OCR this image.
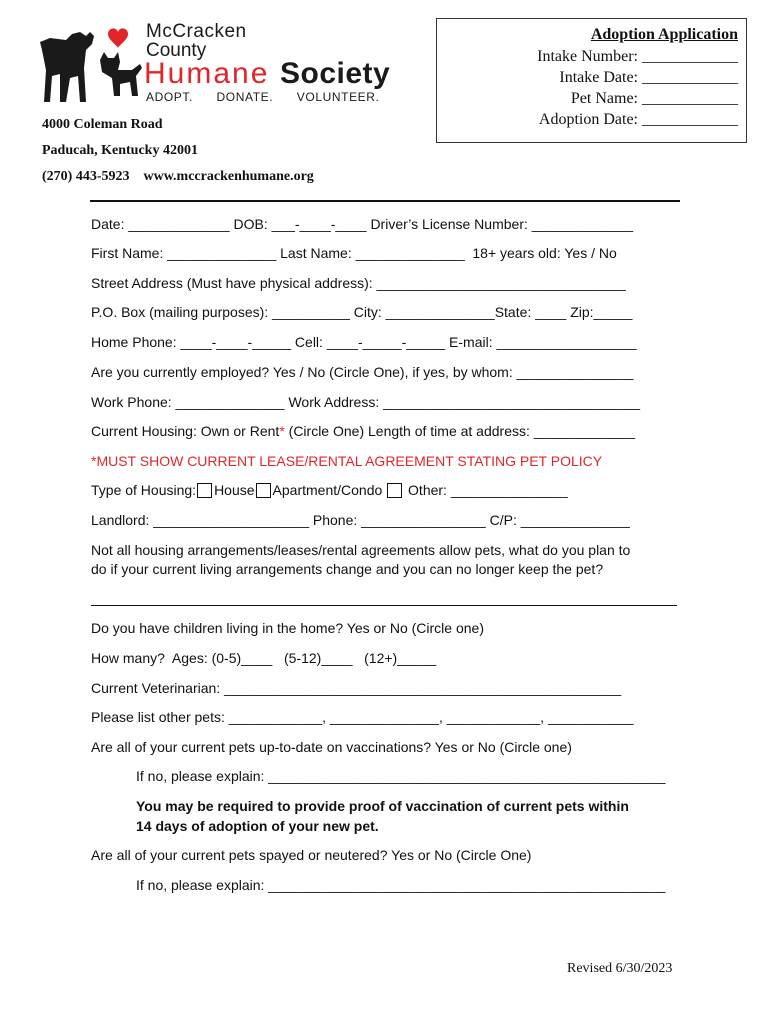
McCracken
County
Humane Society
ADOPT.      DONATE.      VOLUNTEER.
4000 Coleman Road
Paducah, Kentucky 42001
(270) 443-5923    www.mccrackenhumane.org
Adoption Application
Intake Number: ____________
Intake Date: ____________
Pet Name: ____________
Adoption Date: ____________
Date: _____________ DOB: ___-____-____ Driver’s License Number: _____________
First Name: ______________ Last Name: ______________  18+ years old: Yes / No
Street Address (Must have physical address): ________________________________
P.O. Box (mailing purposes): __________ City: ______________State: ____ Zip:_____
Home Phone: ____-____-_____ Cell: ____-_____-_____ E-mail: __________________
Are you currently employed? Yes / No (Circle One), if yes, by whom: _______________
Work Phone: ______________ Work Address: _________________________________
Current Housing: Own or Rent* (Circle One) Length of time at address: _____________
*MUST SHOW CURRENT LEASE/RENTAL AGREEMENT STATING PET POLICY
Type of Housing: House Apartment/Condo Other: _______________
Landlord: ____________________ Phone: ________________ C/P: ______________
Not all housing arrangements/leases/rental agreements allow pets, what do you plan to
do if your current living arrangements change and you can no longer keep the pet?
Do you have children living in the home? Yes or No (Circle one)
How many?  Ages: (0-5)____   (5-12)____   (12+)_____
Current Veterinarian: ___________________________________________________
Please list other pets: ____________, ______________, ____________, ___________
Are all of your current pets up-to-date on vaccinations? Yes or No (Circle one)
If no, please explain: ___________________________________________________
You may be required to provide proof of vaccination of current pets within
14 days of adoption of your new pet.
Are all of your current pets spayed or neutered? Yes or No (Circle One)
If no, please explain: ___________________________________________________
Revised 6/30/2023
